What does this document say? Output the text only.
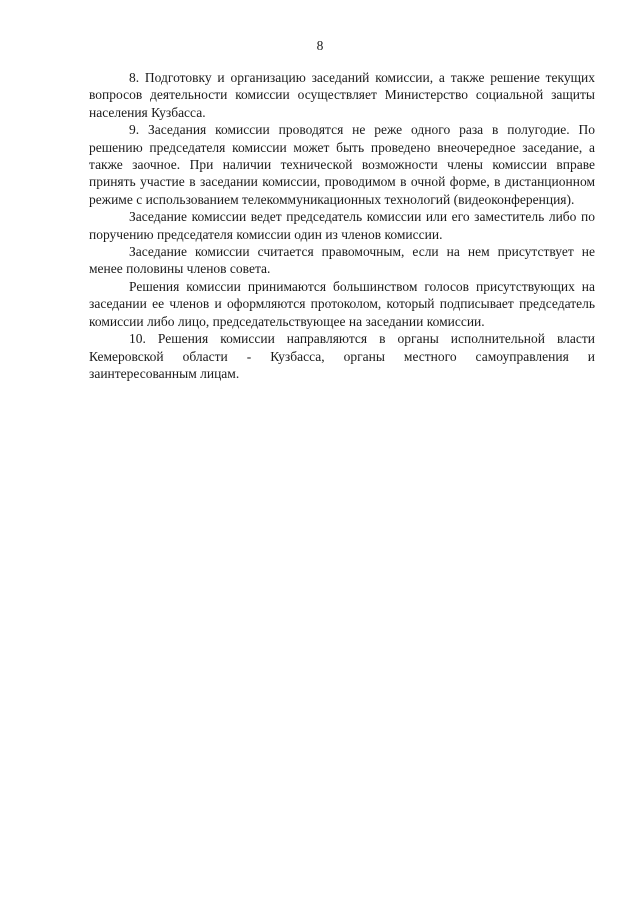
8

8. Подготовку и организацию заседаний комиссии, а также решение текущих вопросов деятельности комиссии осуществляет Министерство социальной защиты населения Кузбасса.

9. Заседания комиссии проводятся не реже одного раза в полугодие. По решению председателя комиссии может быть проведено внеочередное заседание, а также заочное. При наличии технической возможности члены комиссии вправе принять участие в заседании комиссии, проводимом в очной форме, в дистанционном режиме с использованием телекоммуникационных технологий (видеоконференция).

Заседание комиссии ведет председатель комиссии или его заместитель либо по поручению председателя комиссии один из членов комиссии.

Заседание комиссии считается правомочным, если на нем присутствует не менее половины членов совета.

Решения комиссии принимаются большинством голосов присутствующих на заседании ее членов и оформляются протоколом, который подписывает председатель комиссии либо лицо, председательствующее на заседании комиссии.

10. Решения комиссии направляются в органы исполнительной власти Кемеровской области - Кузбасса, органы местного самоуправления и заинтересованным лицам.
